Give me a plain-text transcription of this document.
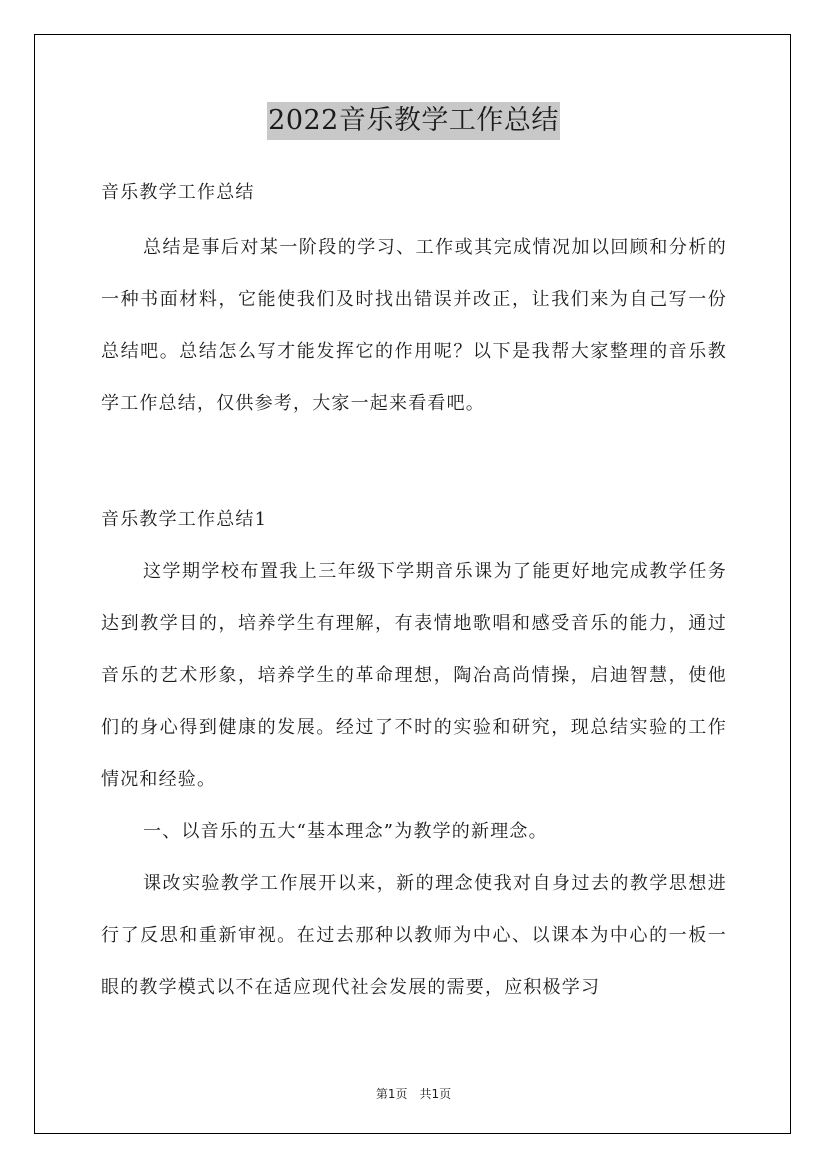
2022音乐教学工作总结
音乐教学工作总结
总结是事后对某一阶段的学习、工作或其完成情况加以回顾和分析的一种书面材料，它能使我们及时找出错误并改正，让我们来为自己写一份总结吧。总结怎么写才能发挥它的作用呢？以下是我帮大家整理的音乐教学工作总结，仅供参考，大家一起来看看吧。
音乐教学工作总结1
这学期学校布置我上三年级下学期音乐课为了能更好地完成教学任务达到教学目的，培养学生有理解，有表情地歌唱和感受音乐的能力，通过音乐的艺术形象，培养学生的革命理想，陶冶高尚情操，启迪智慧，使他们的身心得到健康的发展。经过了不时的实验和研究，现总结实验的工作情况和经验。
一、以音乐的五大“基本理念”为教学的新理念。
课改实验教学工作展开以来，新的理念使我对自身过去的教学思想进行了反思和重新审视。在过去那种以教师为中心、以课本为中心的一板一眼的教学模式以不在适应现代社会发展的需要，应积极学习
第1页　共1页
